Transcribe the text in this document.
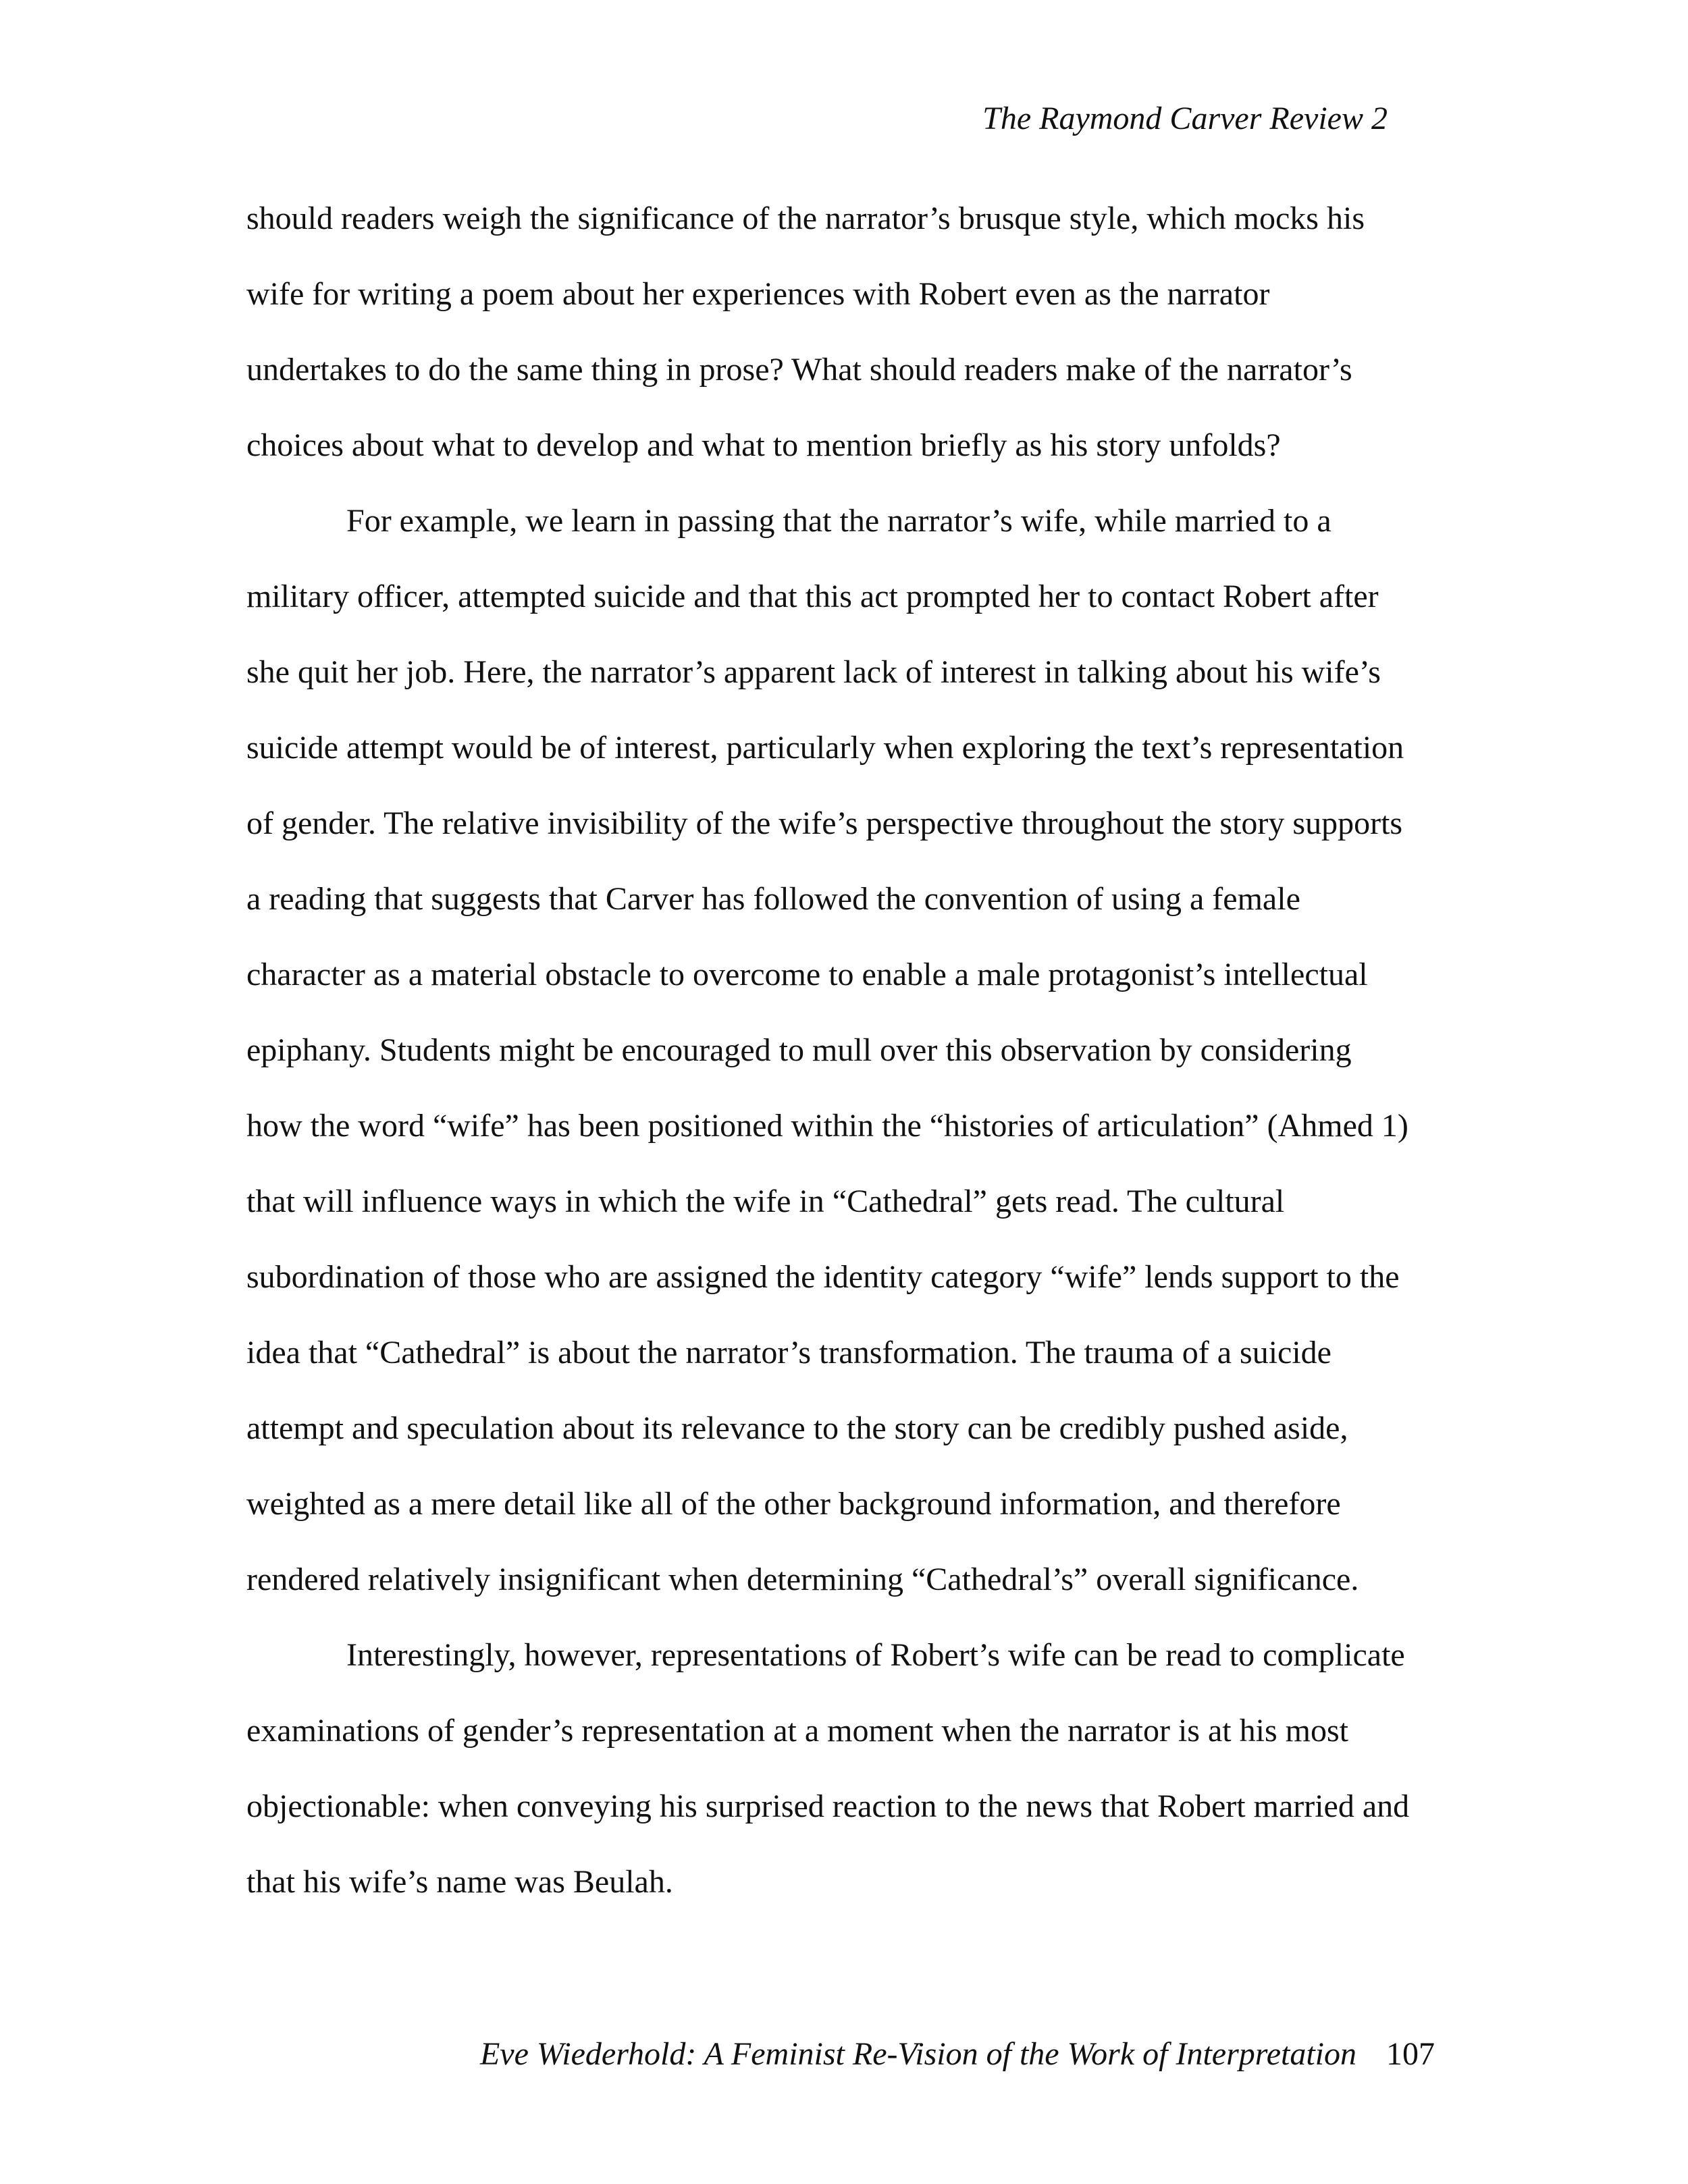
The Raymond Carver Review 2
should readers weigh the significance of the narrator’s brusque style, which mocks his
wife for writing a poem about her experiences with Robert even as the narrator
undertakes to do the same thing in prose? What should readers make of the narrator’s
choices about what to develop and what to mention briefly as his story unfolds?
For example, we learn in passing that the narrator’s wife, while married to a
military officer, attempted suicide and that this act prompted her to contact Robert after
she quit her job. Here, the narrator’s apparent lack of interest in talking about his wife’s
suicide attempt would be of interest, particularly when exploring the text’s representation
of gender. The relative invisibility of the wife’s perspective throughout the story supports
a reading that suggests that Carver has followed the convention of using a female
character as a material obstacle to overcome to enable a male protagonist’s intellectual
epiphany. Students might be encouraged to mull over this observation by considering
how the word “wife” has been positioned within the “histories of articulation” (Ahmed 1)
that will influence ways in which the wife in “Cathedral” gets read. The cultural
subordination of those who are assigned the identity category “wife” lends support to the
idea that “Cathedral” is about the narrator’s transformation. The trauma of a suicide
attempt and speculation about its relevance to the story can be credibly pushed aside,
weighted as a mere detail like all of the other background information, and therefore
rendered relatively insignificant when determining “Cathedral’s” overall significance.
Interestingly, however, representations of Robert’s wife can be read to complicate
examinations of gender’s representation at a moment when the narrator is at his most
objectionable: when conveying his surprised reaction to the news that Robert married and
that his wife’s name was Beulah.
Eve Wiederhold: A Feminist Re-Vision of the Work of Interpretation 107
